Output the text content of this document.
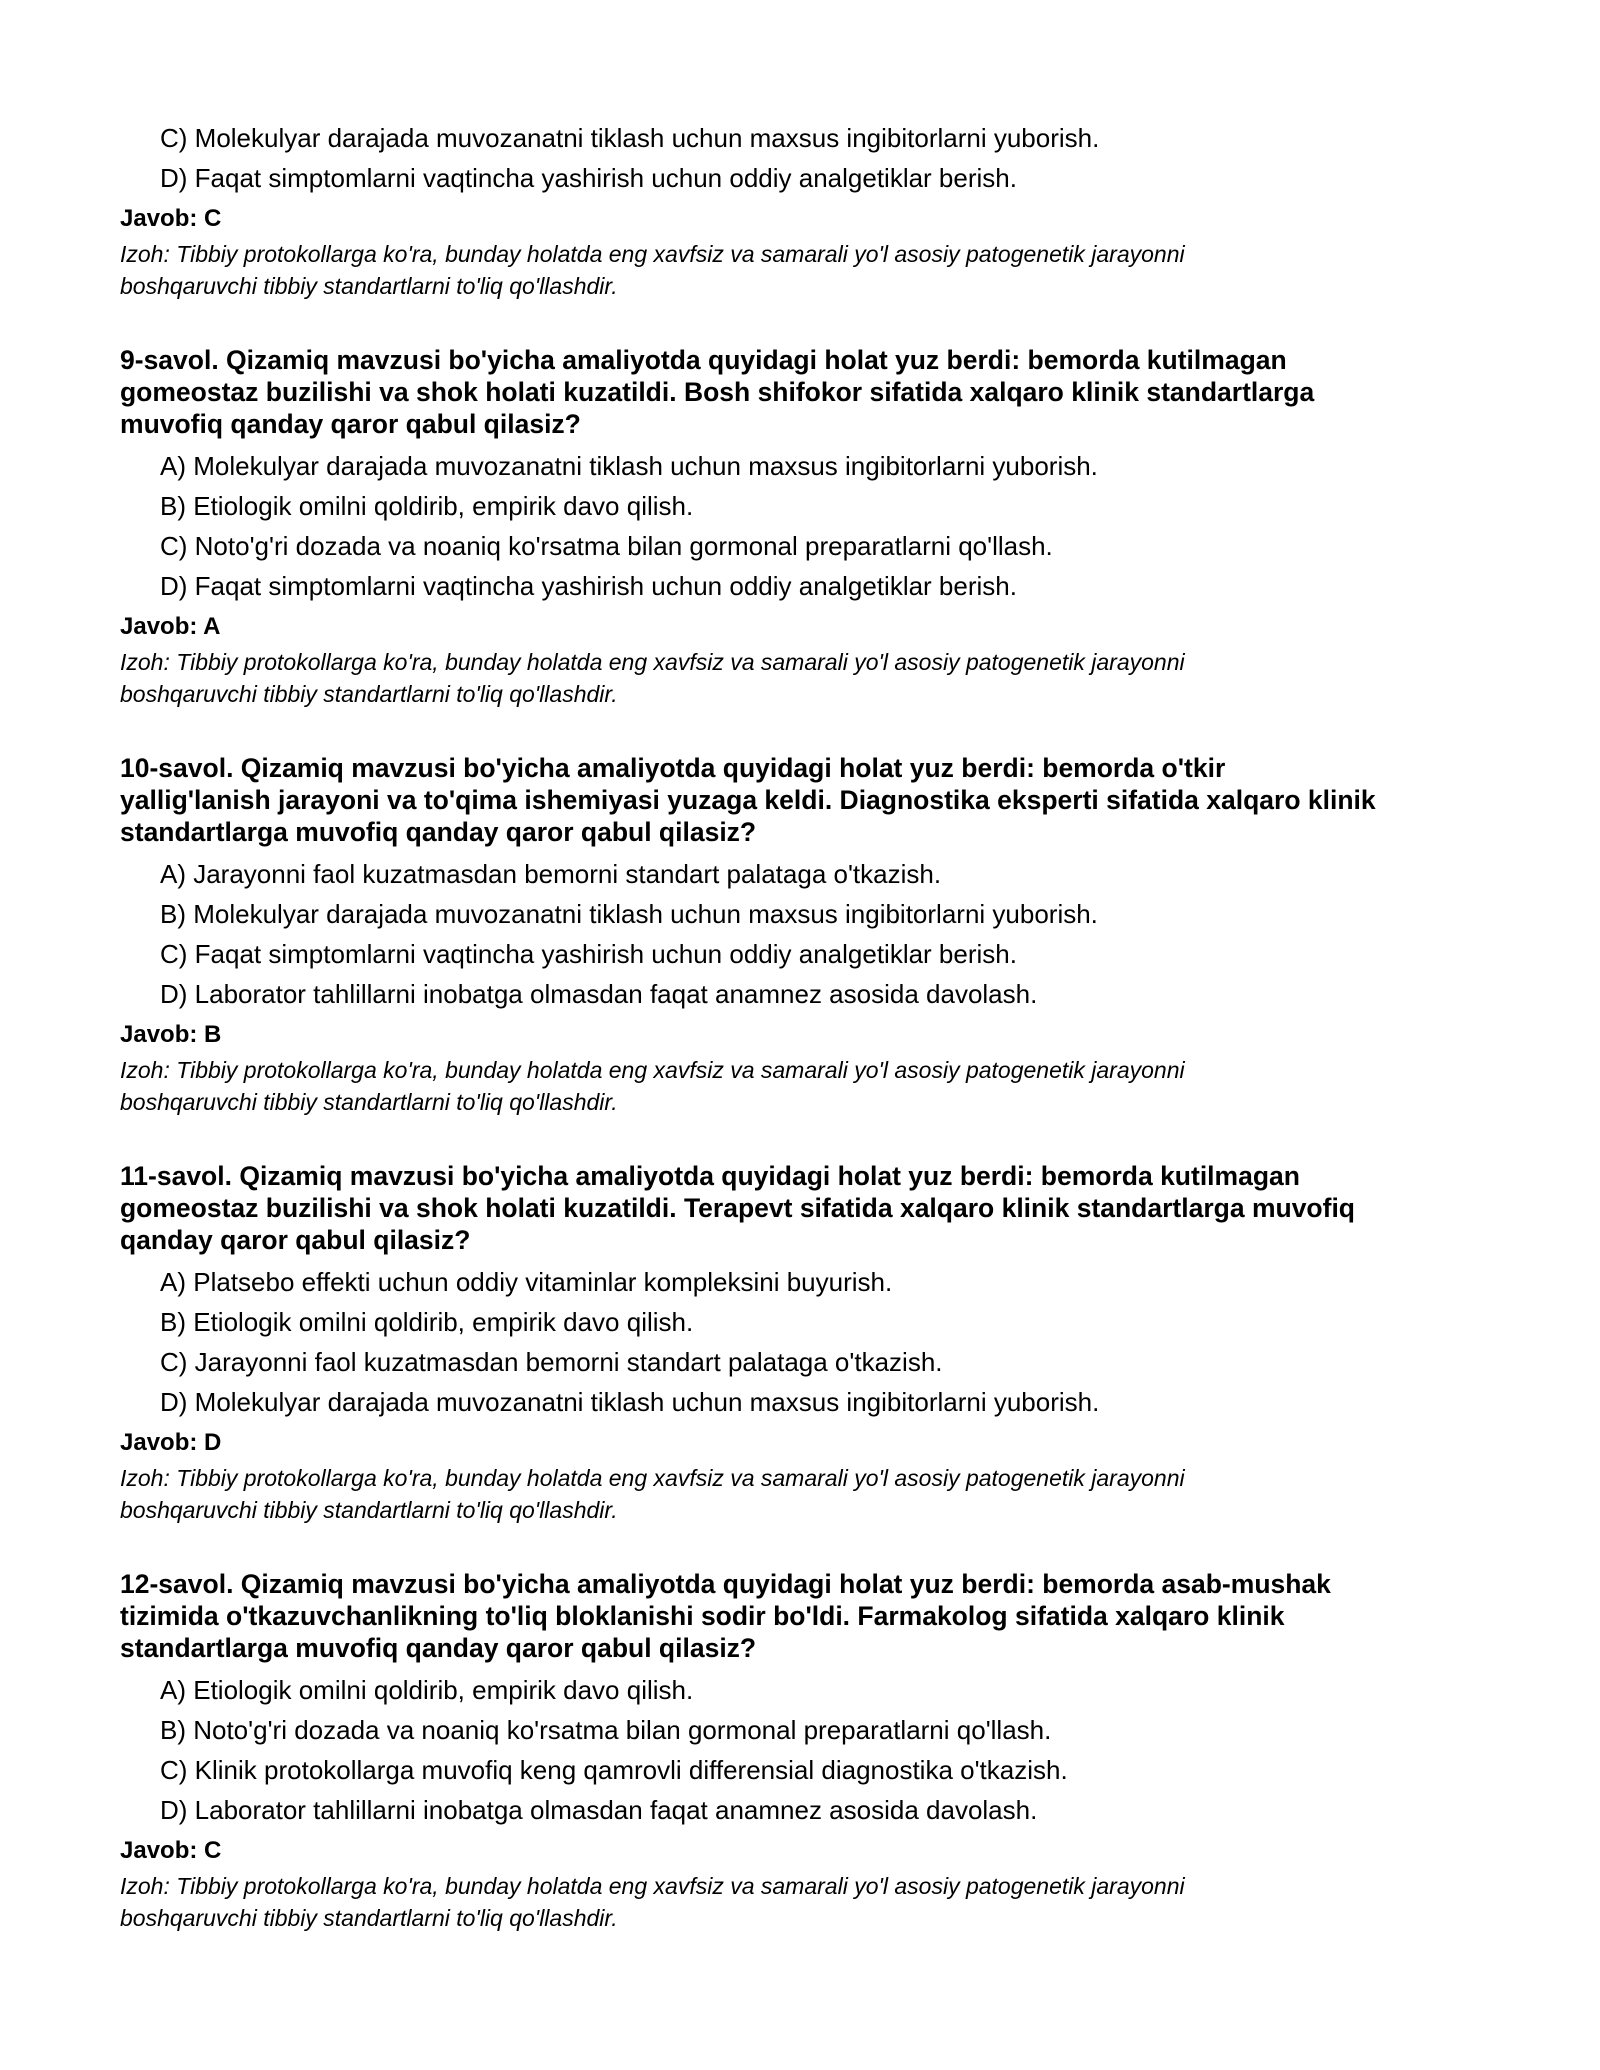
C) Molekulyar darajada muvozanatni tiklash uchun maxsus ingibitorlarni yuborish.
D) Faqat simptomlarni vaqtincha yashirish uchun oddiy analgetiklar berish.
Javob: C
Izoh: Tibbiy protokollarga ko'ra, bunday holatda eng xavfsiz va samarali yo'l asosiy patogenetik jarayonni
boshqaruvchi tibbiy standartlarni to'liq qo'llashdir.
9-savol. Qizamiq mavzusi bo'yicha amaliyotda quyidagi holat yuz berdi: bemorda kutilmagan
gomeostaz buzilishi va shok holati kuzatildi. Bosh shifokor sifatida xalqaro klinik standartlarga
muvofiq qanday qaror qabul qilasiz?
A) Molekulyar darajada muvozanatni tiklash uchun maxsus ingibitorlarni yuborish.
B) Etiologik omilni qoldirib, empirik davo qilish.
C) Noto'g'ri dozada va noaniq ko'rsatma bilan gormonal preparatlarni qo'llash.
D) Faqat simptomlarni vaqtincha yashirish uchun oddiy analgetiklar berish.
Javob: A
Izoh: Tibbiy protokollarga ko'ra, bunday holatda eng xavfsiz va samarali yo'l asosiy patogenetik jarayonni
boshqaruvchi tibbiy standartlarni to'liq qo'llashdir.
10-savol. Qizamiq mavzusi bo'yicha amaliyotda quyidagi holat yuz berdi: bemorda o'tkir
yallig'lanish jarayoni va to'qima ishemiyasi yuzaga keldi. Diagnostika eksperti sifatida xalqaro klinik
standartlarga muvofiq qanday qaror qabul qilasiz?
A) Jarayonni faol kuzatmasdan bemorni standart palataga o'tkazish.
B) Molekulyar darajada muvozanatni tiklash uchun maxsus ingibitorlarni yuborish.
C) Faqat simptomlarni vaqtincha yashirish uchun oddiy analgetiklar berish.
D) Laborator tahlillarni inobatga olmasdan faqat anamnez asosida davolash.
Javob: B
Izoh: Tibbiy protokollarga ko'ra, bunday holatda eng xavfsiz va samarali yo'l asosiy patogenetik jarayonni
boshqaruvchi tibbiy standartlarni to'liq qo'llashdir.
11-savol. Qizamiq mavzusi bo'yicha amaliyotda quyidagi holat yuz berdi: bemorda kutilmagan
gomeostaz buzilishi va shok holati kuzatildi. Terapevt sifatida xalqaro klinik standartlarga muvofiq
qanday qaror qabul qilasiz?
A) Platsebo effekti uchun oddiy vitaminlar kompleksini buyurish.
B) Etiologik omilni qoldirib, empirik davo qilish.
C) Jarayonni faol kuzatmasdan bemorni standart palataga o'tkazish.
D) Molekulyar darajada muvozanatni tiklash uchun maxsus ingibitorlarni yuborish.
Javob: D
Izoh: Tibbiy protokollarga ko'ra, bunday holatda eng xavfsiz va samarali yo'l asosiy patogenetik jarayonni
boshqaruvchi tibbiy standartlarni to'liq qo'llashdir.
12-savol. Qizamiq mavzusi bo'yicha amaliyotda quyidagi holat yuz berdi: bemorda asab-mushak
tizimida o'tkazuvchanlikning to'liq bloklanishi sodir bo'ldi. Farmakolog sifatida xalqaro klinik
standartlarga muvofiq qanday qaror qabul qilasiz?
A) Etiologik omilni qoldirib, empirik davo qilish.
B) Noto'g'ri dozada va noaniq ko'rsatma bilan gormonal preparatlarni qo'llash.
C) Klinik protokollarga muvofiq keng qamrovli differensial diagnostika o'tkazish.
D) Laborator tahlillarni inobatga olmasdan faqat anamnez asosida davolash.
Javob: C
Izoh: Tibbiy protokollarga ko'ra, bunday holatda eng xavfsiz va samarali yo'l asosiy patogenetik jarayonni
boshqaruvchi tibbiy standartlarni to'liq qo'llashdir.
